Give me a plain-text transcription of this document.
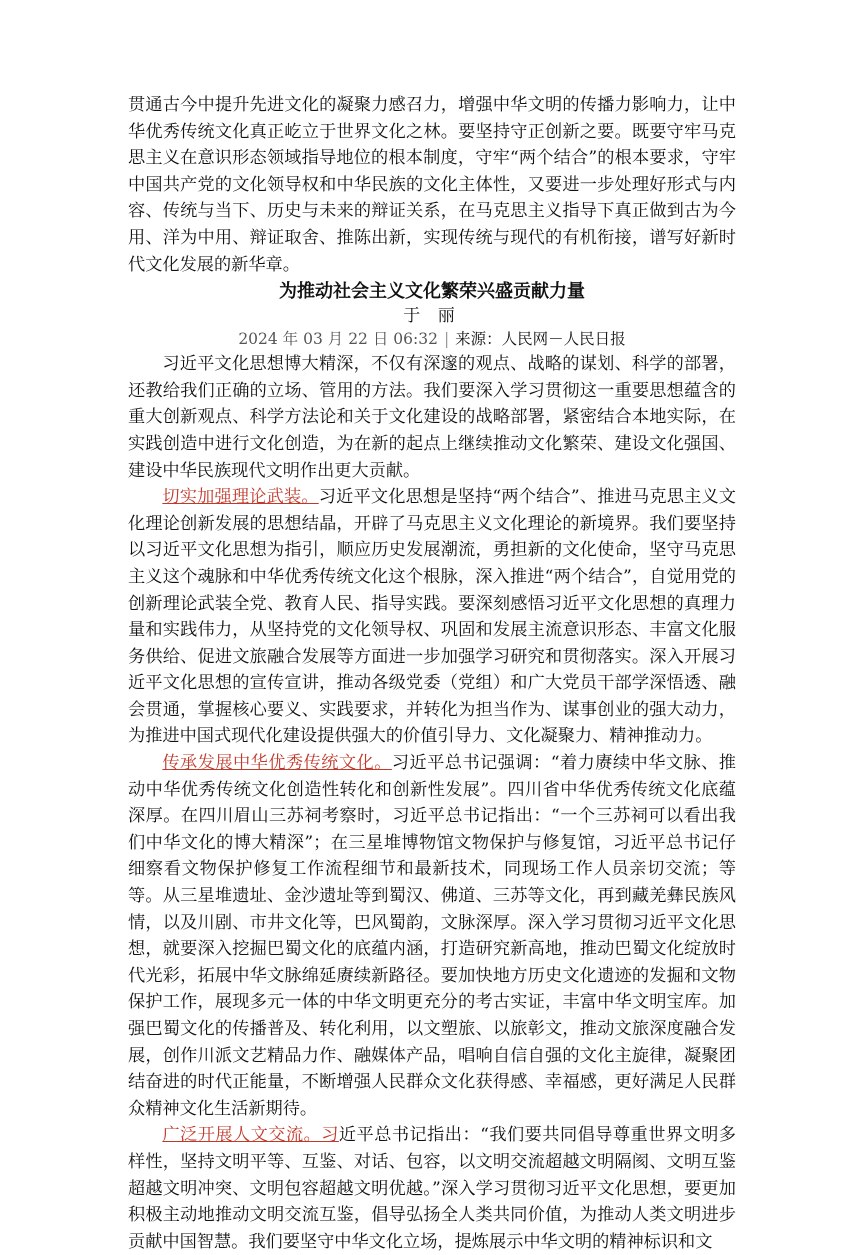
贯通古今中提升先进文化的凝聚力感召力，增强中华文明的传播力影响力，让中华优秀传统文化真正屹立于世界文化之林。要坚持守正创新之要。既要守牢马克思主义在意识形态领域指导地位的根本制度，守牢“两个结合”的根本要求，守牢中国共产党的文化领导权和中华民族的文化主体性，又要进一步处理好形式与内容、传统与当下、历史与未来的辩证关系，在马克思主义指导下真正做到古为今用、洋为中用、辩证取舍、推陈出新，实现传统与现代的有机衔接，谱写好新时代文化发展的新华章。

为推动社会主义文化繁荣兴盛贡献力量
于 丽
2024 年 03 月 22 日 06:32 | 来源：人民网－人民日报

习近平文化思想博大精深，不仅有深邃的观点、战略的谋划、科学的部署，还教给我们正确的立场、管用的方法。我们要深入学习贯彻这一重要思想蕴含的重大创新观点、科学方法论和关于文化建设的战略部署，紧密结合本地实际，在实践创造中进行文化创造，为在新的起点上继续推动文化繁荣、建设文化强国、建设中华民族现代文明作出更大贡献。

切实加强理论武装。习近平文化思想是坚持“两个结合”、推进马克思主义文化理论创新发展的思想结晶，开辟了马克思主义文化理论的新境界。我们要坚持以习近平文化思想为指引，顺应历史发展潮流，勇担新的文化使命，坚守马克思主义这个魂脉和中华优秀传统文化这个根脉，深入推进“两个结合”，自觉用党的创新理论武装全党、教育人民、指导实践。要深刻感悟习近平文化思想的真理力量和实践伟力，从坚持党的文化领导权、巩固和发展主流意识形态、丰富文化服务供给、促进文旅融合发展等方面进一步加强学习研究和贯彻落实。深入开展习近平文化思想的宣传宣讲，推动各级党委（党组）和广大党员干部学深悟透、融会贯通，掌握核心要义、实践要求，并转化为担当作为、谋事创业的强大动力，为推进中国式现代化建设提供强大的价值引导力、文化凝聚力、精神推动力。

传承发展中华优秀传统文化。习近平总书记强调：“着力赓续中华文脉、推动中华优秀传统文化创造性转化和创新性发展”。四川省中华优秀传统文化底蕴深厚。在四川眉山三苏祠考察时，习近平总书记指出：“一个三苏祠可以看出我们中华文化的博大精深”；在三星堆博物馆文物保护与修复馆，习近平总书记仔细察看文物保护修复工作流程细节和最新技术，同现场工作人员亲切交流；等等。从三星堆遗址、金沙遗址等到蜀汉、佛道、三苏等文化，再到藏羌彝民族风情，以及川剧、市井文化等，巴风蜀韵，文脉深厚。深入学习贯彻习近平文化思想，就要深入挖掘巴蜀文化的底蕴内涵，打造研究新高地，推动巴蜀文化绽放时代光彩，拓展中华文脉绵延赓续新路径。要加快地方历史文化遗迹的发掘和文物保护工作，展现多元一体的中华文明更充分的考古实证，丰富中华文明宝库。加强巴蜀文化的传播普及、转化利用，以文塑旅、以旅彰文，推动文旅深度融合发展，创作川派文艺精品力作、融媒体产品，唱响自信自强的文化主旋律，凝聚团结奋进的时代正能量，不断增强人民群众文化获得感、幸福感，更好满足人民群众精神文化生活新期待。

广泛开展人文交流。习近平总书记指出：“我们要共同倡导尊重世界文明多样性，坚持文明平等、互鉴、对话、包容，以文明交流超越文明隔阂、文明互鉴超越文明冲突、文明包容超越文明优越。”深入学习贯彻习近平文化思想，要更加积极主动地推动文明交流互鉴，倡导弘扬全人类共同价值，为推动人类文明进步贡献中国智慧。我们要坚守中华文化立场，提炼展示中华文明的精神标识和文
